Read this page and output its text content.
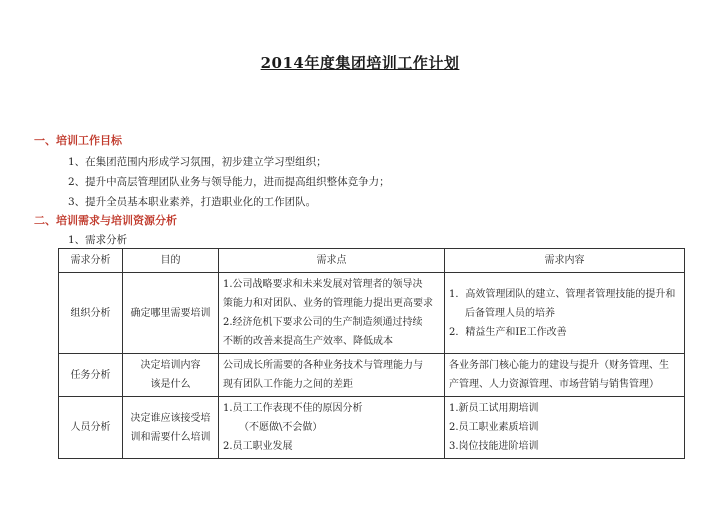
2014年度集团培训工作计划
一、培训工作目标
1、在集团范围内形成学习氛围，初步建立学习型组织；
2、提升中高层管理团队业务与领导能力，进而提高组织整体竞争力；
3、提升全员基本职业素养，打造职业化的工作团队。
二、培训需求与培训资源分析
1、需求分析
需求分析	目的	需求点	需求内容
组织分析	确定哪里需要培训	1.公司战略要求和未来发展对管理者的领导决
策能力和对团队、业务的管理能力提出更高要求
2.经济危机下要求公司的生产制造须通过持续
不断的改善来提高生产效率、降低成本	1．高效管理团队的建立、管理者管理技能的提升和
后备管理人员的培养
2．精益生产和IE工作改善

任务分析	决定培训内容
该是什么	公司成长所需要的各种业务技术与管理能力与
现有团队工作能力之间的差距	各业务部门核心能力的建设与提升（财务管理、生
产管理、人力资源管理、市场营销与销售管理）

人员分析	决定谁应该接受培
训和需要什么培训	1.员工工作表现不佳的原因分析
（不愿做\不会做）
2.员工职业发展	1.新员工试用期培训
2.员工职业素质培训
3.岗位技能进阶培训
